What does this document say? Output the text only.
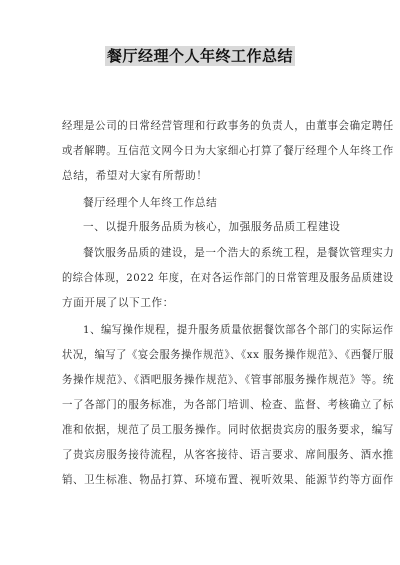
餐厅经理个人年终工作总结
经理是公司的日常经营管理和行政事务的负责人，由董事会确定聘任
或者解聘。互信范文网今日为大家细心打算了餐厅经理个人年终工作
总结，希望对大家有所帮助！
餐厅经理个人年终工作总结
一、以提升服务品质为核心，加强服务品质工程建设
餐饮服务品质的建设，是一个浩大的系统工程，是餐饮管理实力
的综合体现，2022 年度，在对各运作部门的日常管理及服务品质建设
方面开展了以下工作：
1、编写操作规程，提升服务质量依据餐饮部各个部门的实际运作
状况，编写了《宴会服务操作规范》、《xx 服务操作规范》、《西餐厅服
务操作规范》、《酒吧服务操作规范》、《管事部服务操作规范》等。统
一了各部门的服务标准，为各部门培训、检查、监督、考核确立了标
准和依据，规范了员工服务操作。同时依据贵宾房的服务要求，编写
了贵宾房服务接待流程，从客客接待、语言要求、席间服务、酒水推
销、卫生标准、物品打算、环境布置、视听效果、能源节约等方面作
